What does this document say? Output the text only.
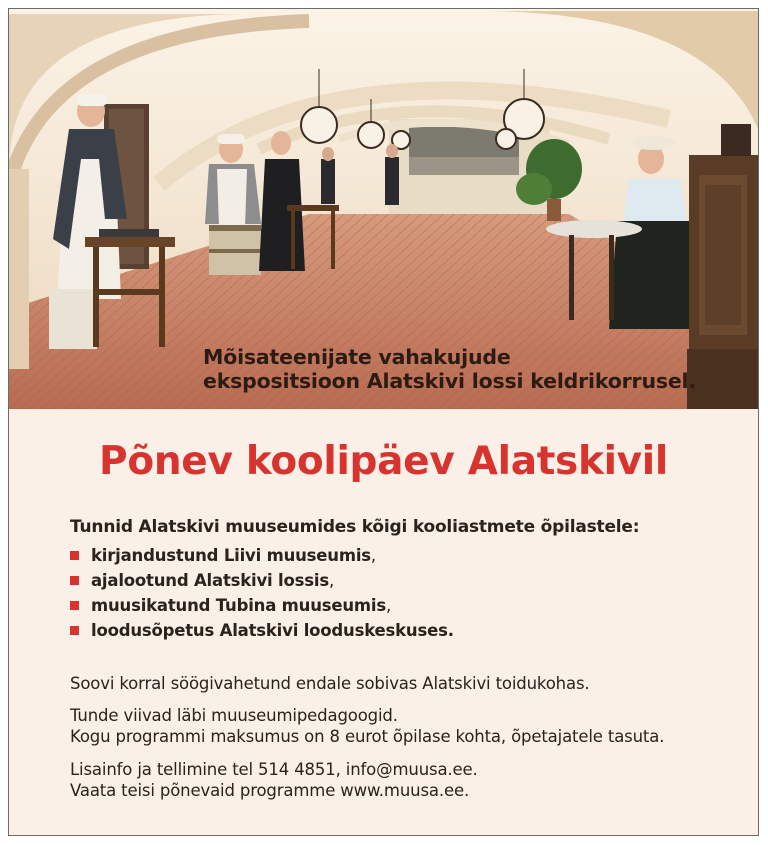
Mõisateenijate vahakujude
ekspositsioon Alatskivi lossi keldrikorrusel.

Põnev koolipäev Alatskivil

Tunnid Alatskivi muuseumides kõigi kooliastmete õpilastele:

kirjandustund Liivi muuseumis,
ajalootund Alatskivi lossis,
muusikatund Tubina muuseumis,
loodusõpetus Alatskivi looduskeskuses.

Soovi korral söögivahetund endale sobivas Alatskivi toidukohas.

Tunde viivad läbi muuseumipedagoogid.
Kogu programmi maksumus on 8 eurot õpilase kohta, õpetajatele tasuta.

Lisainfo ja tellimine tel 514 4851, info@muusa.ee.
Vaata teisi põnevaid programme www.muusa.ee.
